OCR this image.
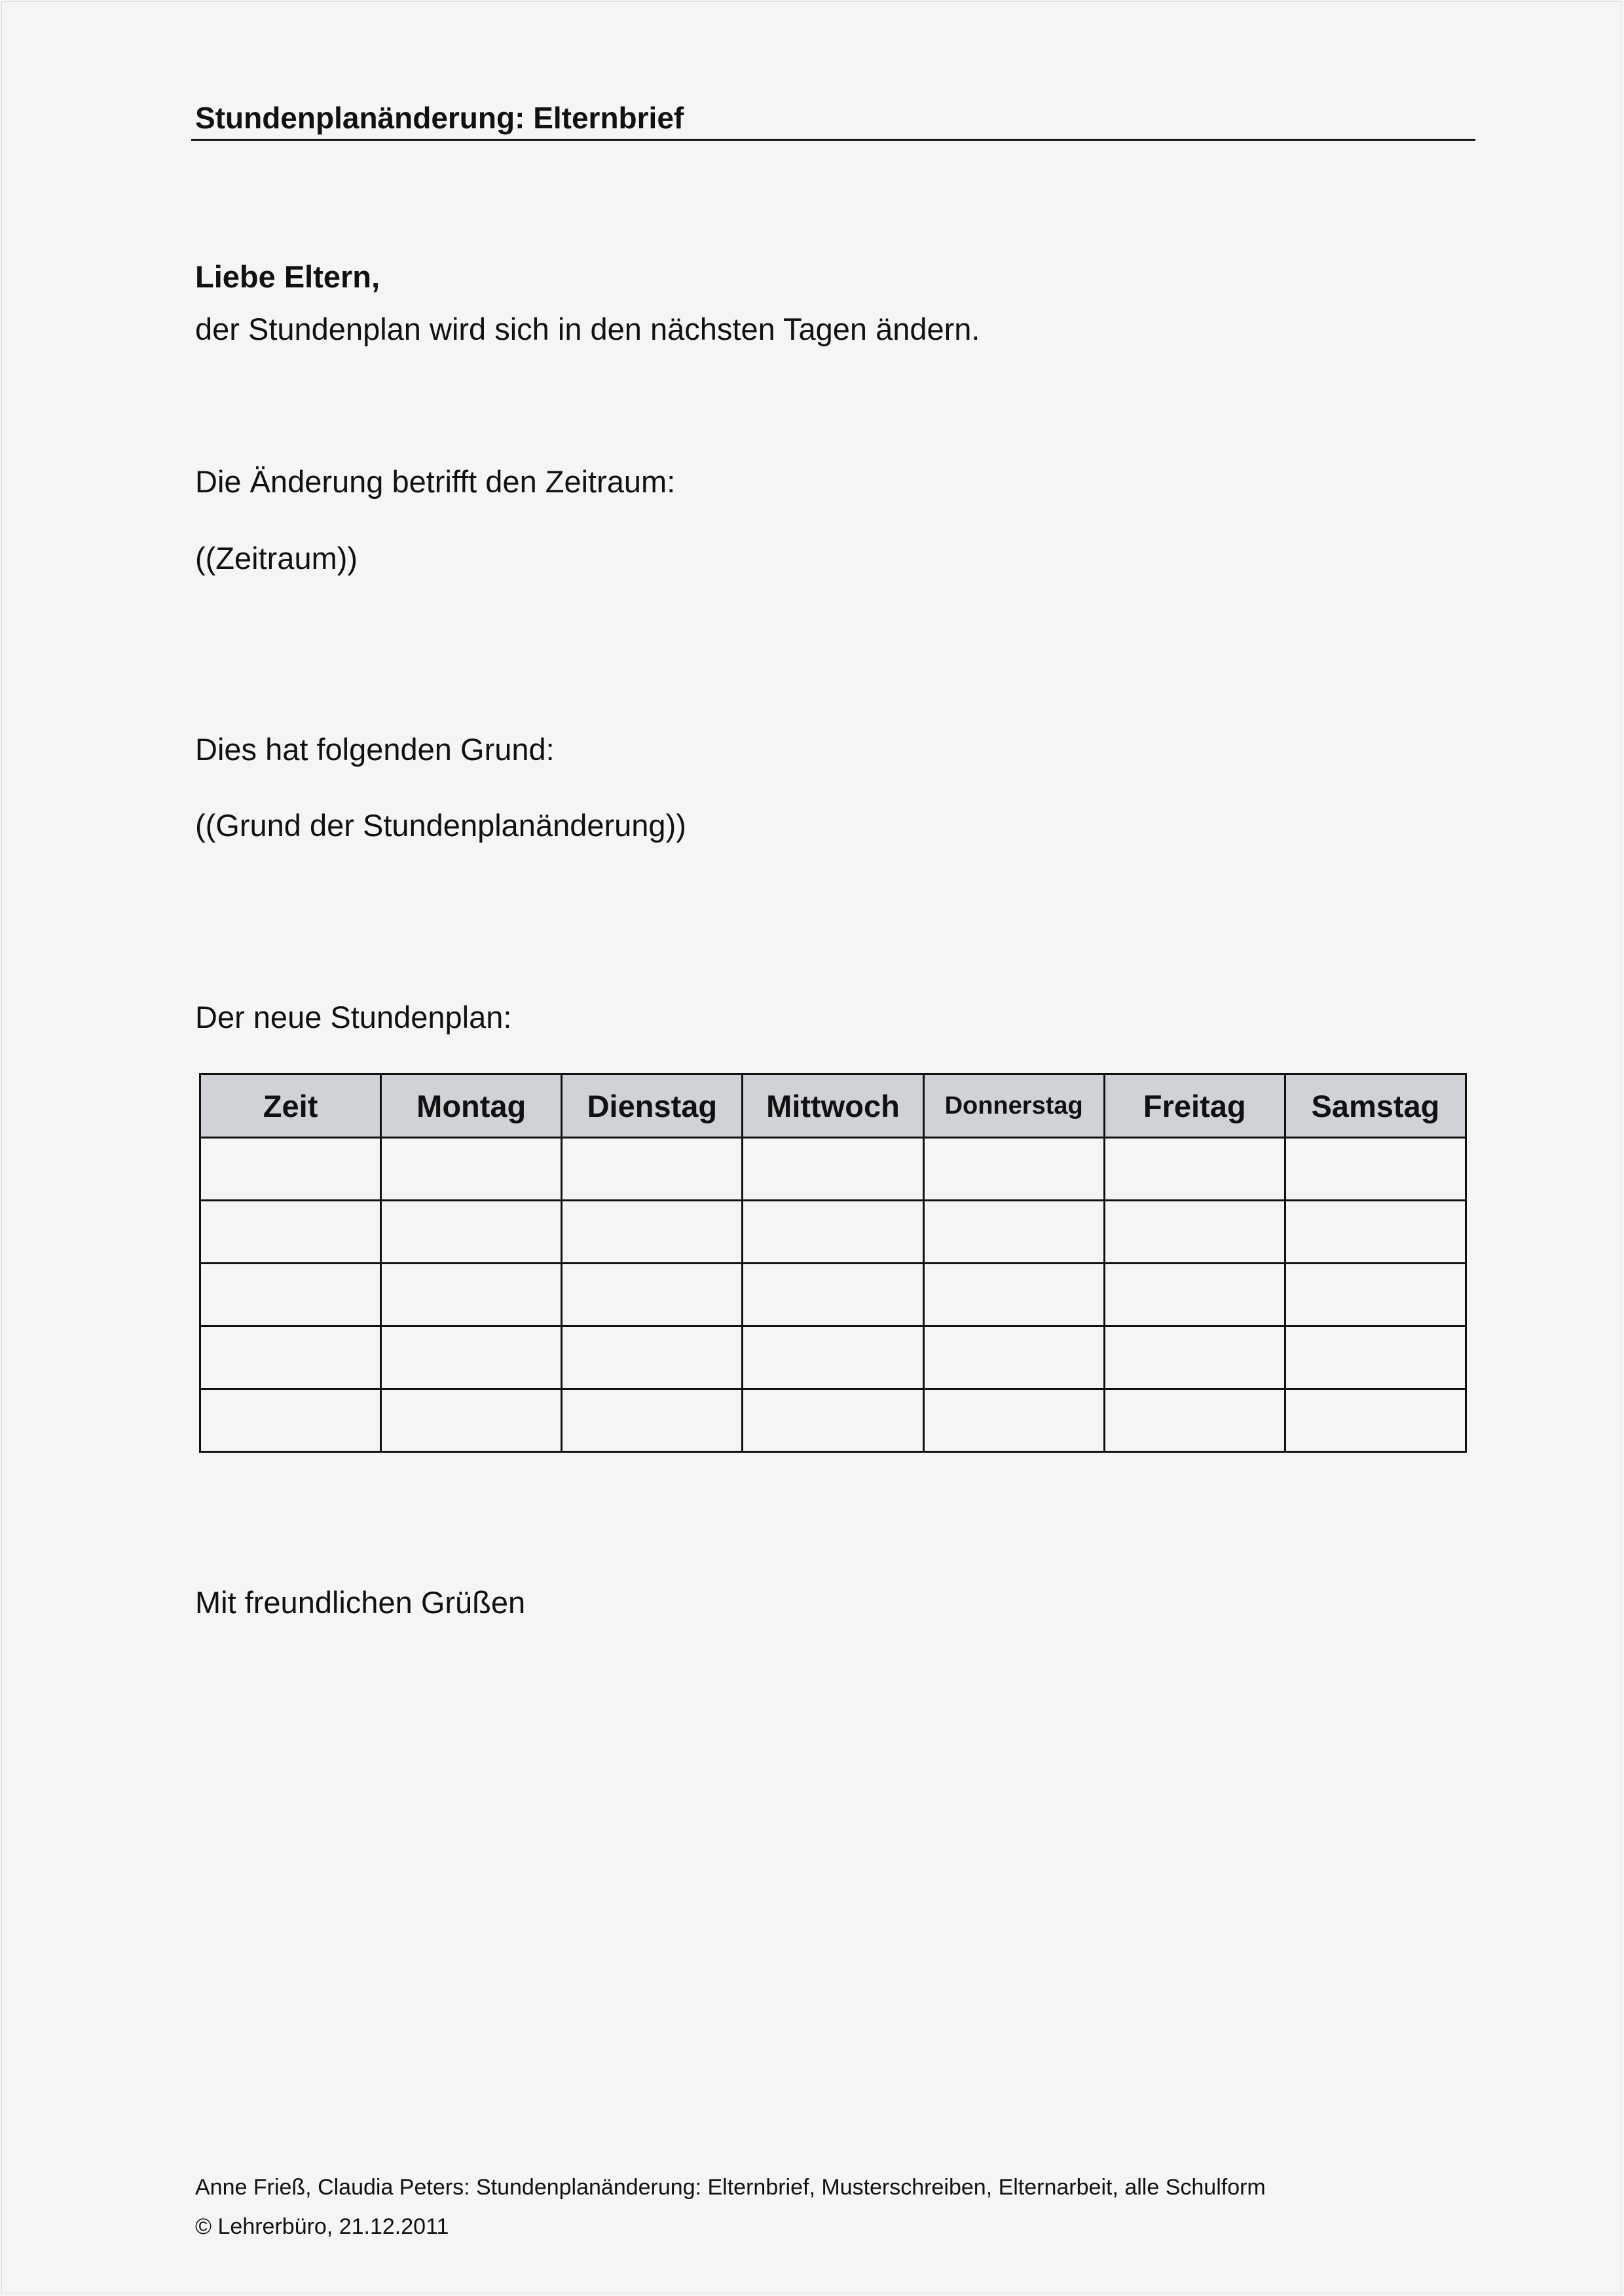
Stundenplanänderung: Elternbrief
Liebe Eltern,
der Stundenplan wird sich in den nächsten Tagen ändern.
Die Änderung betrifft den Zeitraum:
((Zeitraum))
Dies hat folgenden Grund:
((Grund der Stundenplanänderung))
Der neue Stundenplan:
Zeit	Montag	Dienstag	Mittwoch	Donnerstag	Freitag	Samstag

Mit freundlichen Grüßen
Anne Frieß, Claudia Peters: Stundenplanänderung: Elternbrief, Musterschreiben, Elternarbeit, alle Schulform
© Lehrerbüro, 21.12.2011
